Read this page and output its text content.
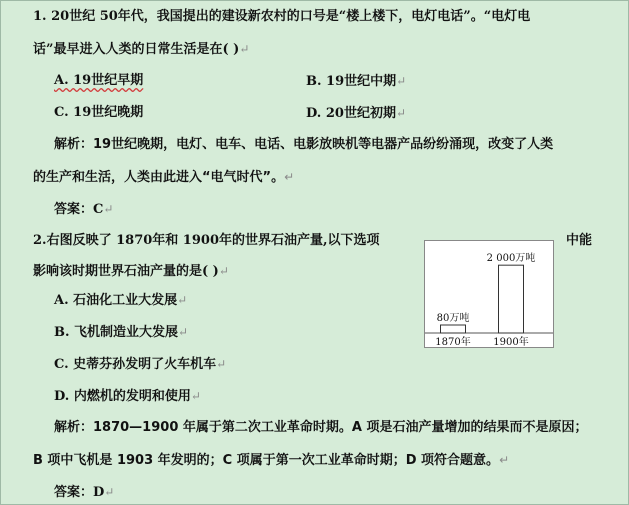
1. 20世纪 50年代，我国提出的建设新农村的口号是“楼上楼下，电灯电话”。“电灯电
话”最早进入人类的日常生活是在( )↵
A. 19世纪早期	B. 19世纪中期↵
C. 19世纪晚期	D. 20世纪初期↵
解析：19世纪晚期，电灯、电车、电话、电影放映机等电器产品纷纷涌现，改变了人类
的生产和生活，人类由此进入“电气时代”。↵
答案：C↵
2.右图反映了 1870年和 1900年的世界石油产量,以下选项	中能
影响该时期世界石油产量的是( )↵
A. 石油化工业大发展↵
B. 飞机制造业大发展↵
C. 史蒂芬孙发明了火车机车↵
D. 内燃机的发明和使用↵
解析：1870—1900 年属于第二次工业革命时期。A 项是石油产量增加的结果而不是原因；
B 项中飞机是 1903 年发明的；C 项属于第一次工业革命时期；D 项符合题意。↵
答案：D↵
80万吨
1870年
2 000万吨
1900年
